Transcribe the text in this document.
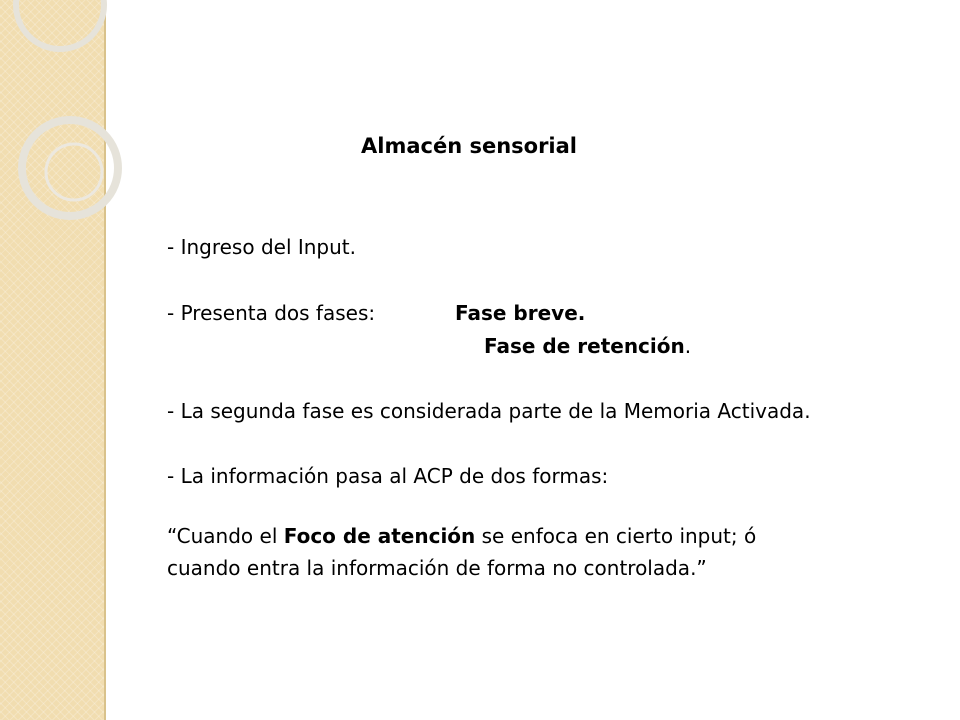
Almacén sensorial

- Ingreso del Input.

- Presenta dos fases:	Fase breve.

Fase de retención.

- La segunda fase es considerada parte de la Memoria Activada.

- La información pasa al ACP de dos formas:

“Cuando el Foco de atención se enfoca en cierto input; ó

cuando entra la información de forma no controlada.”
